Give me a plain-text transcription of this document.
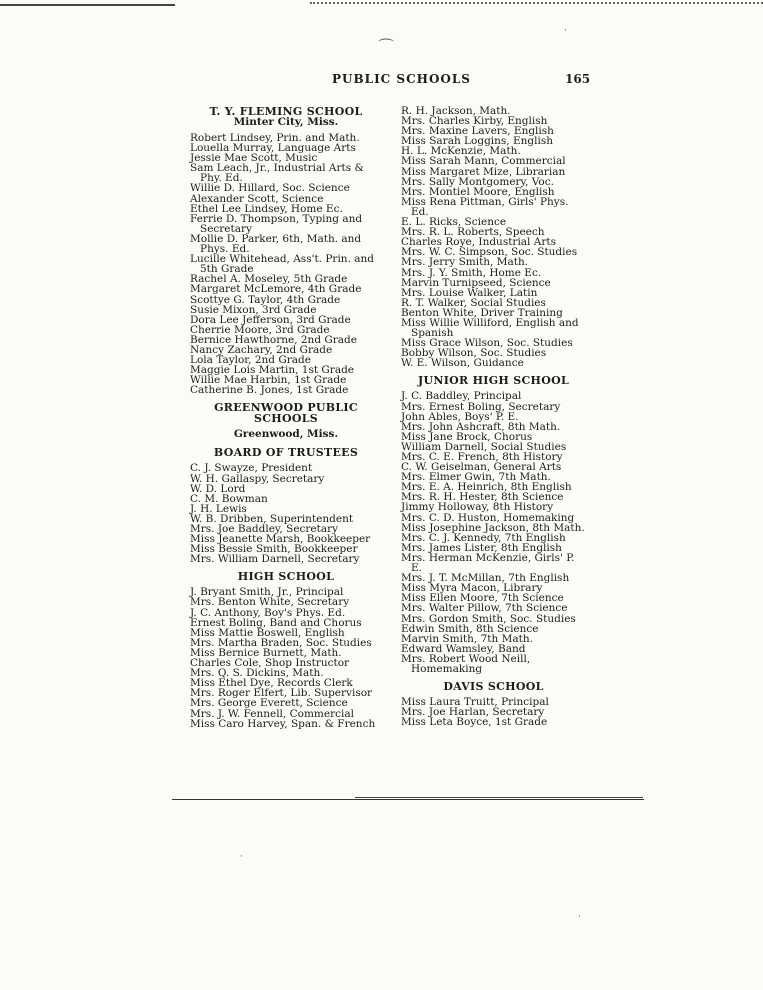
PUBLIC SCHOOLS	165
T. Y. FLEMING SCHOOL
Minter City, Miss.
Robert Lindsey, Prin. and Math.
Louella Murray, Language Arts
Jessie Mae Scott, Music
Sam Leach, Jr., Industrial Arts & Phy. Ed.
Willie D. Hillard, Soc. Science
Alexander Scott, Science
Ethel Lee Lindsey, Home Ec.
Ferrie D. Thompson, Typing and Secretary
Mollie D. Parker, 6th, Math. and Phys. Ed.
Lucille Whitehead, Ass't. Prin. and 5th Grade
Rachel A. Moseley, 5th Grade
Margaret McLemore, 4th Grade
Scottye G. Taylor, 4th Grade
Susie Mixon, 3rd Grade
Dora Lee Jefferson, 3rd Grade
Cherrie Moore, 3rd Grade
Bernice Hawthorne, 2nd Grade
Nancy Zachary, 2nd Grade
Lola Taylor, 2nd Grade
Maggie Lois Martin, 1st Grade
Willie Mae Harbin, 1st Grade
Catherine B. Jones, 1st Grade
GREENWOOD PUBLIC
SCHOOLS
Greenwood, Miss.
BOARD OF TRUSTEES
C. J. Swayze, President
W. H. Gallaspy, Secretary
W. D. Lord
C. M. Bowman
J. H. Lewis
W. B. Dribben, Superintendent
Mrs. Joe Baddley, Secretary
Miss Jeanette Marsh, Bookkeeper
Miss Bessie Smith, Bookkeeper
Mrs. William Darnell, Secretary
HIGH SCHOOL
J. Bryant Smith, Jr., Principal
Mrs. Benton White, Secretary
J. C. Anthony, Boy's Phys. Ed.
Ernest Boling, Band and Chorus
Miss Mattie Boswell, English
Mrs. Martha Braden, Soc. Studies
Miss Bernice Burnett, Math.
Charles Cole, Shop Instructor
Mrs. Q. S. Dickins, Math.
Miss Ethel Dye, Records Clerk
Mrs. Roger Elfert, Lib. Supervisor
Mrs. George Everett, Science
Mrs. J. W. Fennell, Commercial
Miss Caro Harvey, Span. & French
R. H. Jackson, Math.
Mrs. Charles Kirby, English
Mrs. Maxine Lavers, English
Miss Sarah Loggins, English
H. L. McKenzie, Math.
Miss Sarah Mann, Commercial
Miss Margaret Mize, Librarian
Mrs. Sally Montgomery, Voc.
Mrs. Montiel Moore, English
Miss Rena Pittman, Girls' Phys. Ed.
E. L. Ricks, Science
Mrs. R. L. Roberts, Speech
Charles Roye, Industrial Arts
Mrs. W. C. Simpson, Soc. Studies
Mrs. Jerry Smith, Math.
Mrs. J. Y. Smith, Home Ec.
Marvin Turnipseed, Science
Mrs. Louise Walker, Latin
R. T. Walker, Social Studies
Benton White, Driver Training
Miss Willie Williford, English and Spanish
Miss Grace Wilson, Soc. Studies
Bobby Wilson, Soc. Studies
W. E. Wilson, Guidance
JUNIOR HIGH SCHOOL
J. C. Baddley, Principal
Mrs. Ernest Boling, Secretary
John Ables, Boys' P. E.
Mrs. John Ashcraft, 8th Math.
Miss Jane Brock, Chorus
William Darnell, Social Studies
Mrs. C. E. French, 8th History
C. W. Geiselman, General Arts
Mrs. Elmer Gwin, 7th Math.
Mrs. E. A. Heinrich, 8th English
Mrs. R. H. Hester, 8th Science
Jimmy Holloway, 8th History
Mrs. C. D. Huston, Homemaking
Miss Josephine Jackson, 8th Math.
Mrs. C. J. Kennedy, 7th English
Mrs. James Lister, 8th English
Mrs. Herman McKenzie, Girls' P. E.
Mrs. J. T. McMillan, 7th English
Miss Myra Macon, Library
Miss Ellen Moore, 7th Science
Mrs. Walter Pillow, 7th Science
Mrs. Gordon Smith, Soc. Studies
Edwin Smith, 8th Science
Marvin Smith, 7th Math.
Edward Wamsley, Band
Mrs. Robert Wood Neill, Homemaking
DAVIS SCHOOL
Miss Laura Truitt, Principal
Mrs. Joe Harlan, Secretary
Miss Leta Boyce, 1st Grade
⌒
·
·
·
